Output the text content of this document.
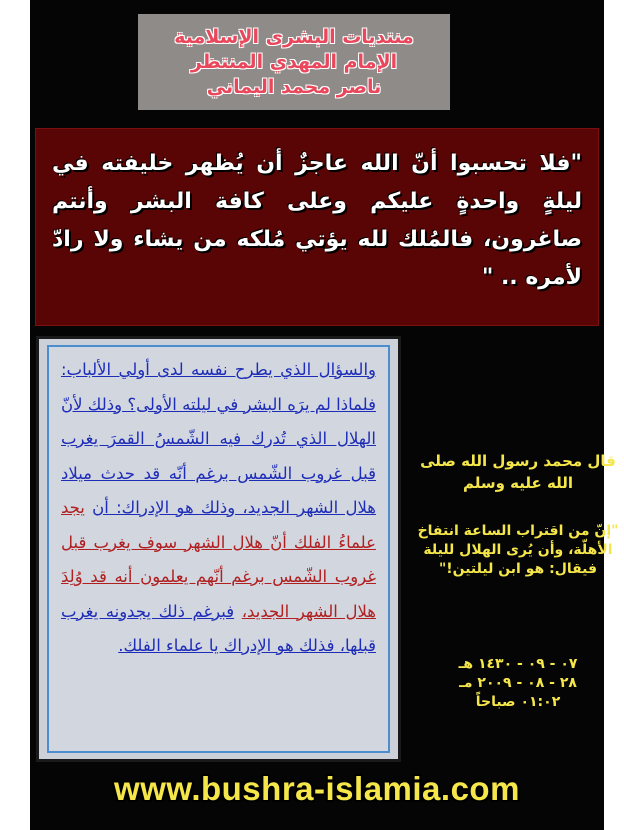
منتديات البشرى الإسلامية
الإمام المهدي المنتظر
ناصر محمد اليماني
"فلا تحسبوا أنّ الله عاجزٌ أن يُظهر خليفته في ليلةٍ واحدةٍ عليكم وعلى كافة البشر وأنتم صاغرون، فالمُلك لله يؤتي مُلكه من يشاء ولا رادّ لأمره .. "
والسؤال الذي يطرح نفسه لدى أولي الألباب: فلماذا لم يرَه البشر في ليلته الأولى؟ وذلك لأنّ الهلال الذي تُدرك فيه الشّمسُ القمرَ يغرب قبل غروب الشّمس برغم أنّه قد حدث ميلاد هلال الشهر الجديد، وذلك هو الإدراك: أن يجد علماءُ الفلك أنّ هلال الشهر سوف يغرب قبل غروب الشّمس برغم أنّهم يعلمون أنه قد وُلِدَ هلال الشهر الجديد، فبرغم ذلك يجدونه يغرب قبلها، فذلك هو الإدراك يا علماء الفلك.
قال محمد رسول الله صلى الله عليه وسلم
"إنّ من اقتراب الساعة انتفاخ الأهلّة، وأن يُرى الهلال لليلة فيقال: هو ابن ليلتين!"
٠٧ - ٠٩ - ١٤٣٠ هـ
٢٨ - ٠٨ - ٢٠٠٩ مـ
٠١:٠٢ صباحاً
www.bushra-islamia.com
